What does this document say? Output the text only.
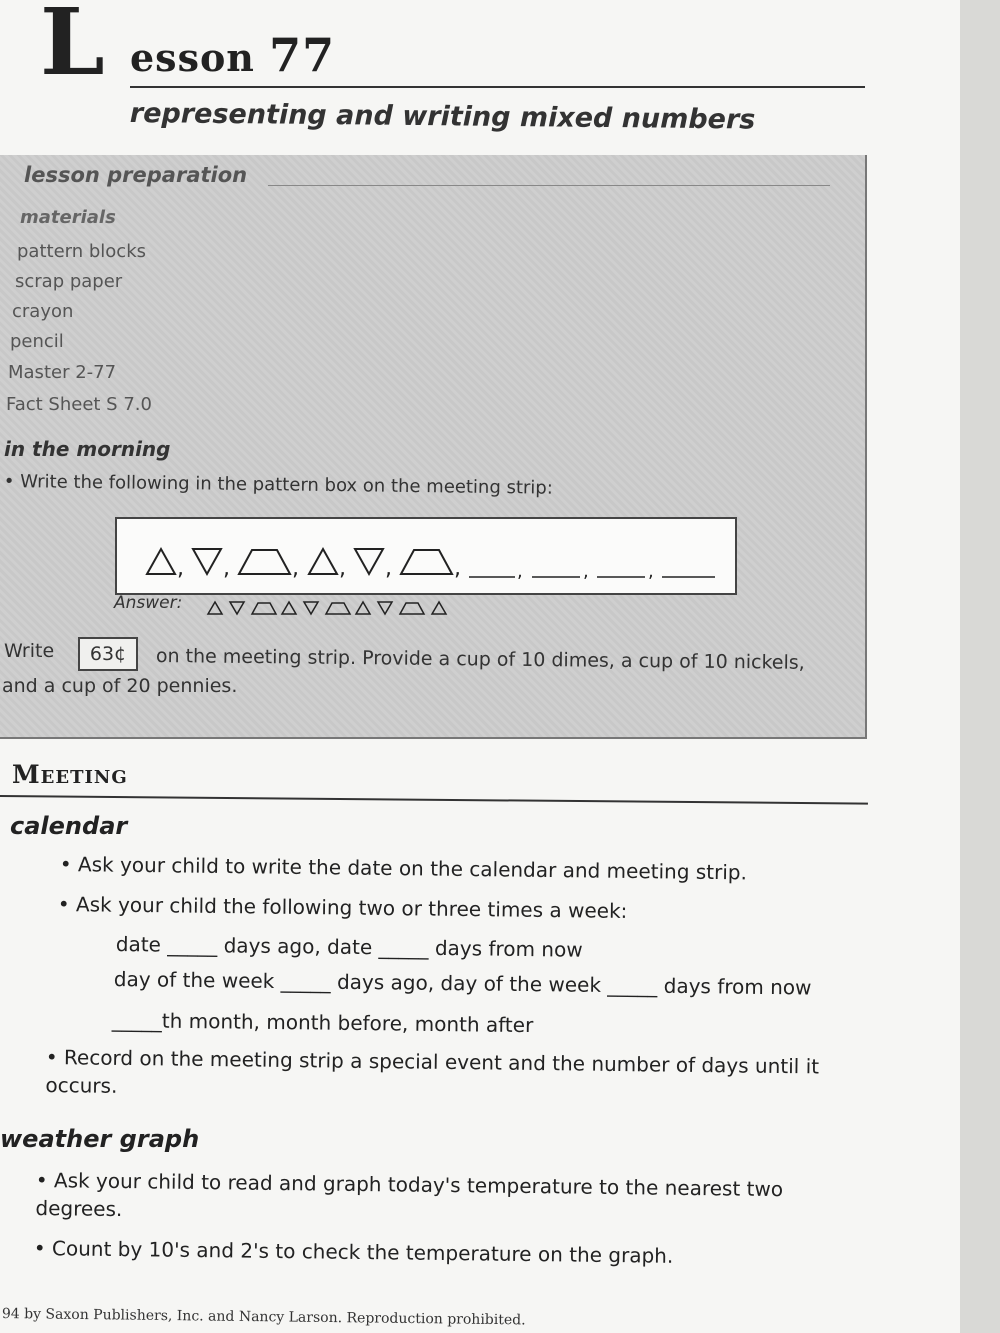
L esson 77
representing and writing mixed numbers
lesson preparation
materials
pattern blocks
scrap paper
crayon
pencil
Master 2-77
Fact Sheet S 7.0
in the morning
• Write the following in the pattern box on the meeting strip:
, ,	, , ,	,	,	,	,
Answer:
Write	63¢	on the meeting strip. Provide a cup of 10 dimes, a cup of 10 nickels,
and a cup of 20 pennies.
Meeting
calendar
• Ask your child to write the date on the calendar and meeting strip.
• Ask your child the following two or three times a week:
date _____ days ago, date _____ days from now
day of the week _____ days ago, day of the week _____ days from now
_____th month, month before, month after
• Record on the meeting strip a special event and the number of days until it occurs.
weather graph
• Ask your child to read and graph today's temperature to the nearest two degrees.
• Count by 10's and 2's to check the temperature on the graph.
94 by Saxon Publishers, Inc. and Nancy Larson. Reproduction prohibited.
